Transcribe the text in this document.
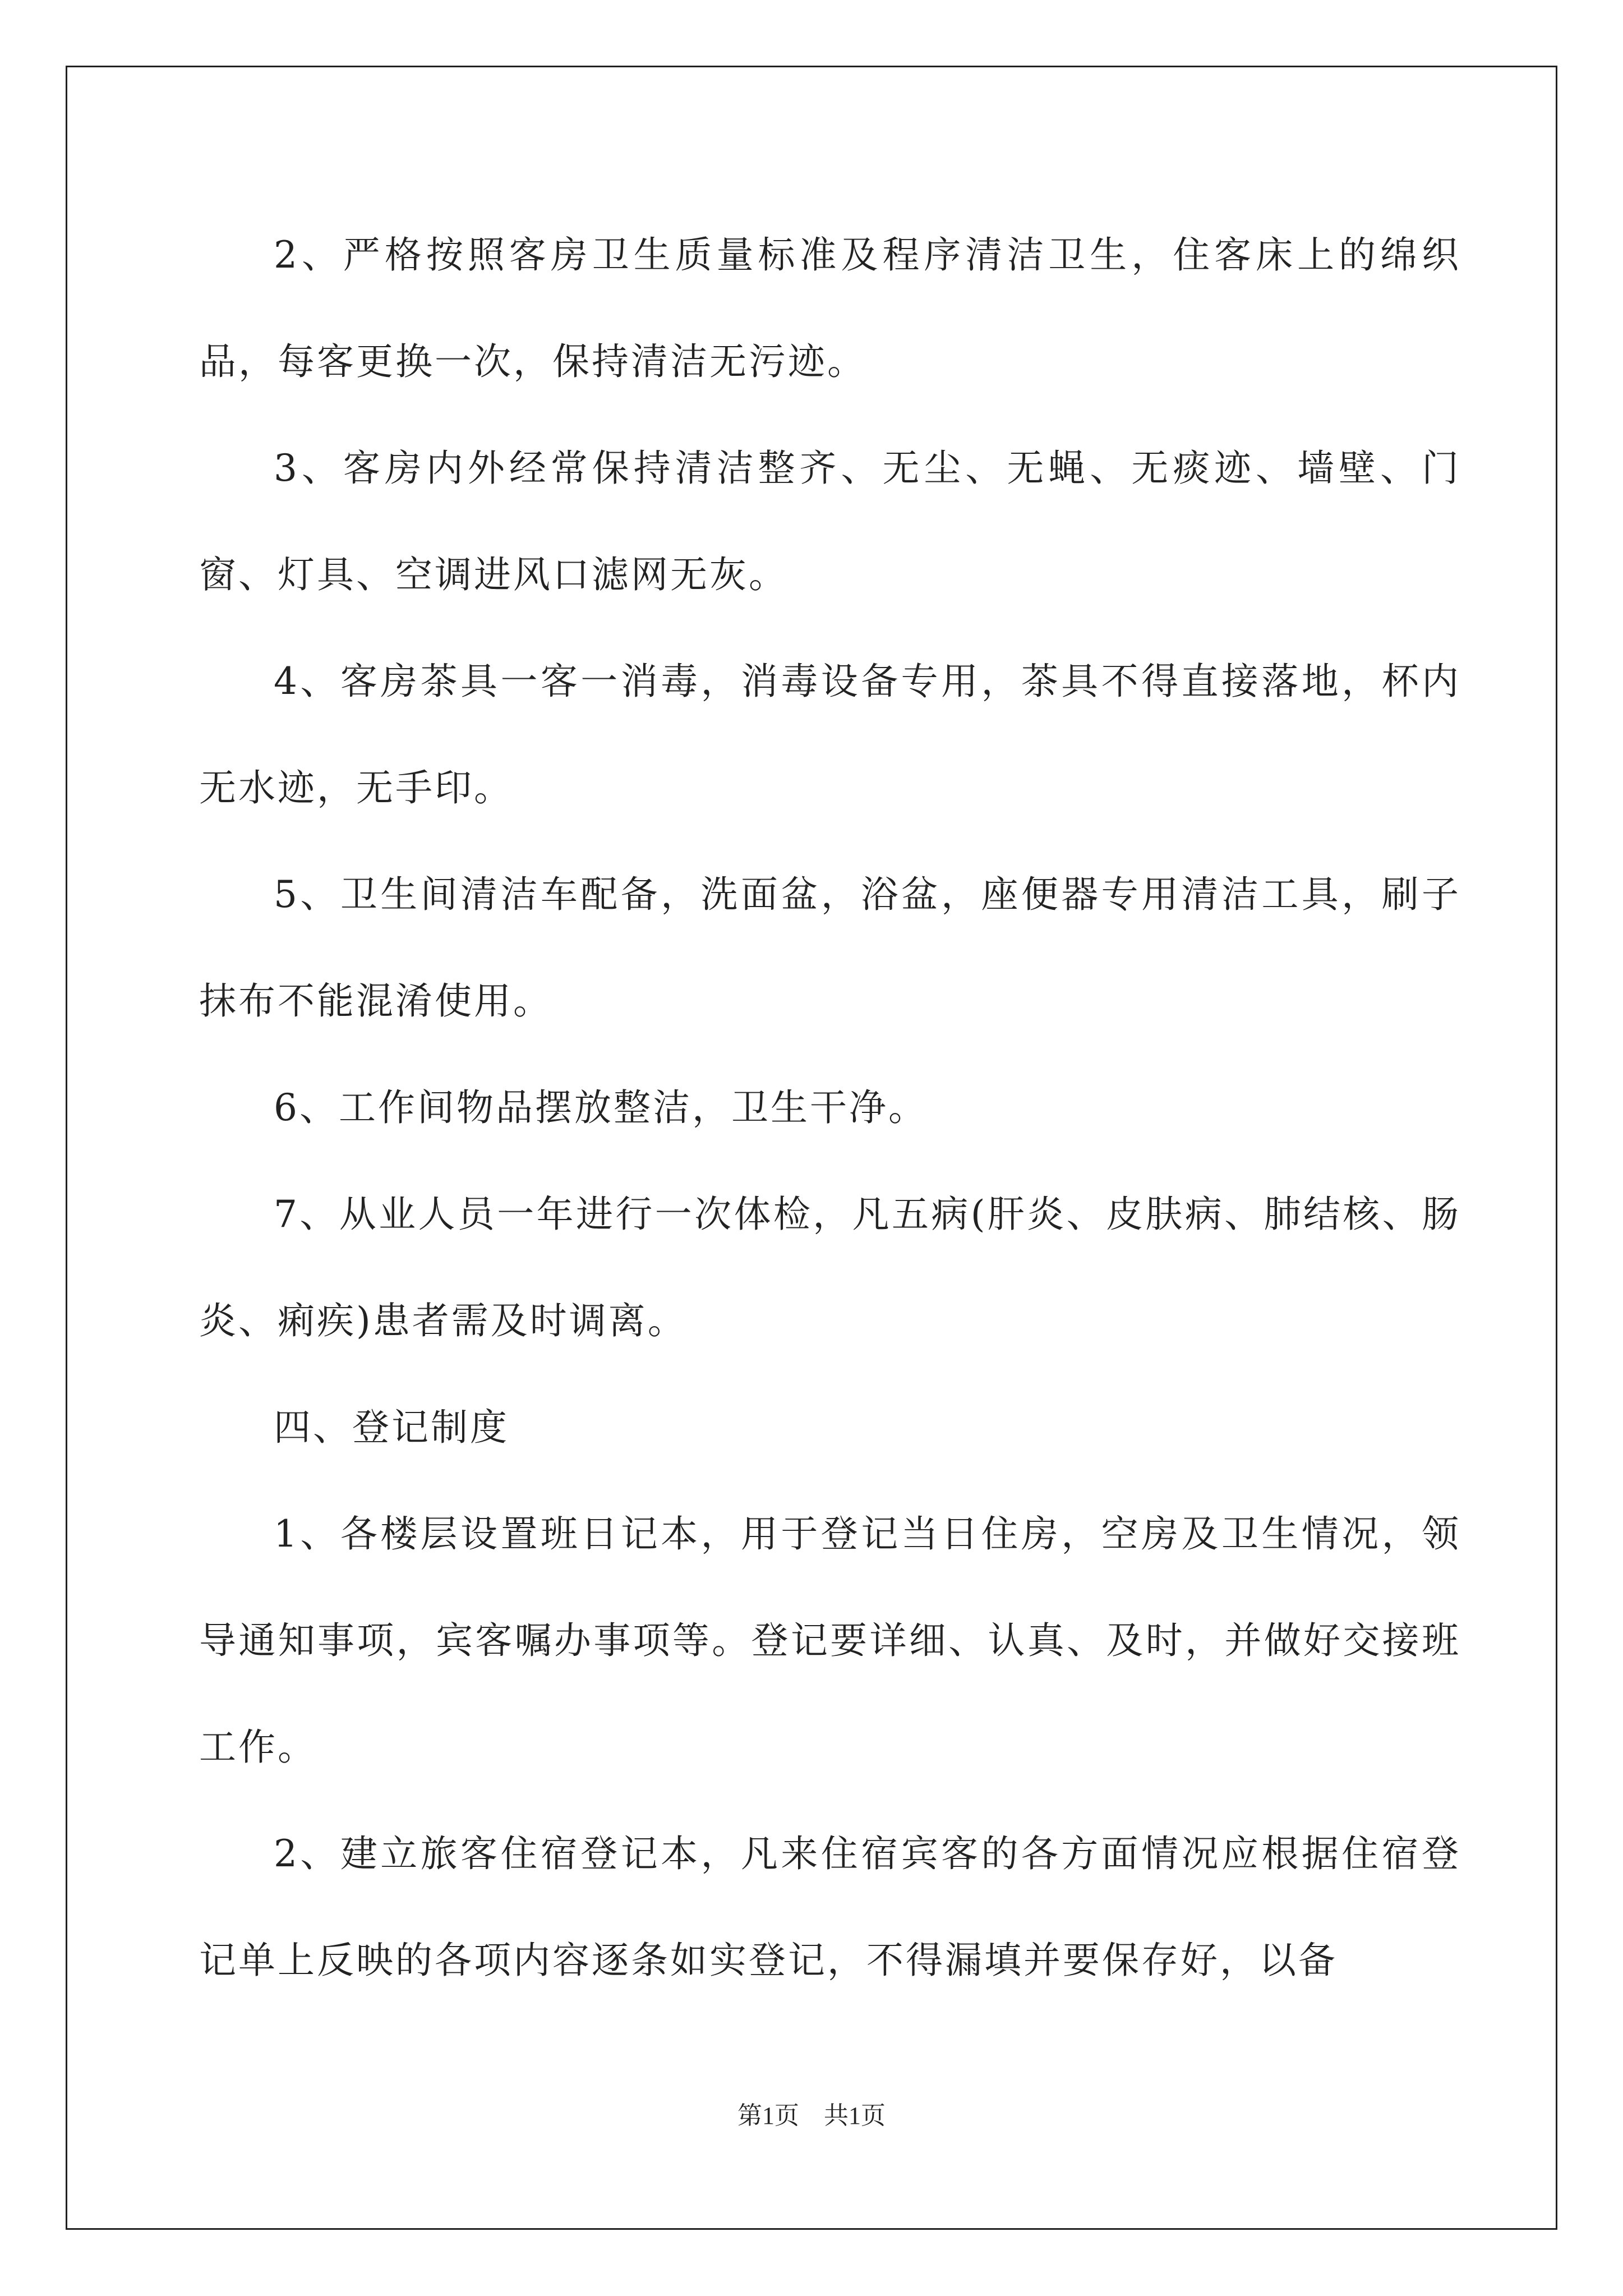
2、严格按照客房卫生质量标准及程序清洁卫生，住客床上的绵织品，每客更换一次，保持清洁无污迹。

3、客房内外经常保持清洁整齐、无尘、无蝇、无痰迹、墙壁、门窗、灯具、空调进风口滤网无灰。

4、客房茶具一客一消毒，消毒设备专用，茶具不得直接落地，杯内无水迹，无手印。

5、卫生间清洁车配备，洗面盆，浴盆，座便器专用清洁工具，刷子抹布不能混淆使用。

6、工作间物品摆放整洁，卫生干净。

7、从业人员一年进行一次体检，凡五病(肝炎、皮肤病、肺结核、肠炎、痢疾)患者需及时调离。

四、登记制度

1、各楼层设置班日记本，用于登记当日住房，空房及卫生情况，领导通知事项，宾客嘱办事项等。登记要详细、认真、及时，并做好交接班工作。

2、建立旅客住宿登记本，凡来住宿宾客的各方面情况应根据住宿登记单上反映的各项内容逐条如实登记，不得漏填并要保存好，以备

第1页　共1页
